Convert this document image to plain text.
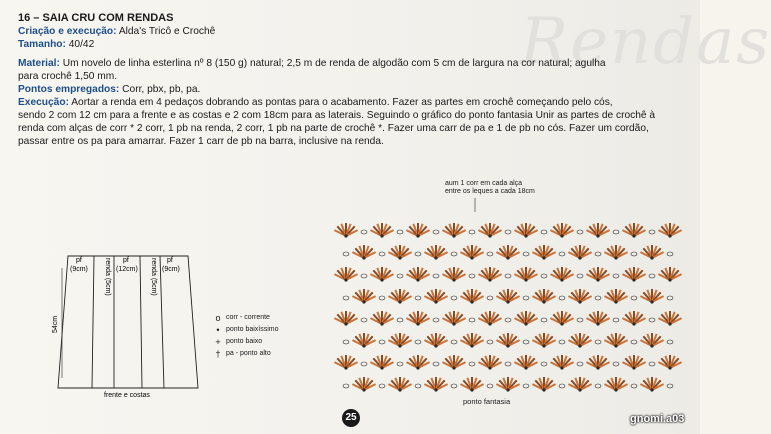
Rendas
16 – SAIA CRU COM RENDAS
Criação e execução: Alda's Tricô e Crochê
Tamanho: 40/42
Material: Um novelo de linha esterlina nº 8 (150 g) natural; 2,5 m de renda de algodão com 5 cm de largura na cor natural; agulha
para crochê 1,50 mm.
Pontos empregados: Corr, pbx, pb, pa.
Execução: Aortar a renda em 4 pedaços dobrando as pontas para o acabamento. Fazer as partes em crochê começando pelo cós,
sendo 2 com 12 cm para a frente e as costas e 2 com 18cm para as laterais. Seguindo o gráfico do ponto fantasia Unir as partes de crochê à
renda com alças de corr * 2 corr, 1 pb na renda, 2 corr, 1 pb na parte de crochê *. Fazer uma carr de pa e 1 de pb no cós. Fazer um cordão,
passar entre os pa para amarrar. Fazer 1 carr de pb na barra, inclusive na renda.
pf
(9cm)
pf
(12cm)
pf
(9cm)
renda (5cm)	renda (5cm)
54cm
frente e costas
o corr - corrente
• ponto baixíssimo
+ ponto baixo
† pa - ponto alto
aum 1 corr em cada alça
entre os leques a cada 18cm
ponto fantasia
25	gnomi.a03
